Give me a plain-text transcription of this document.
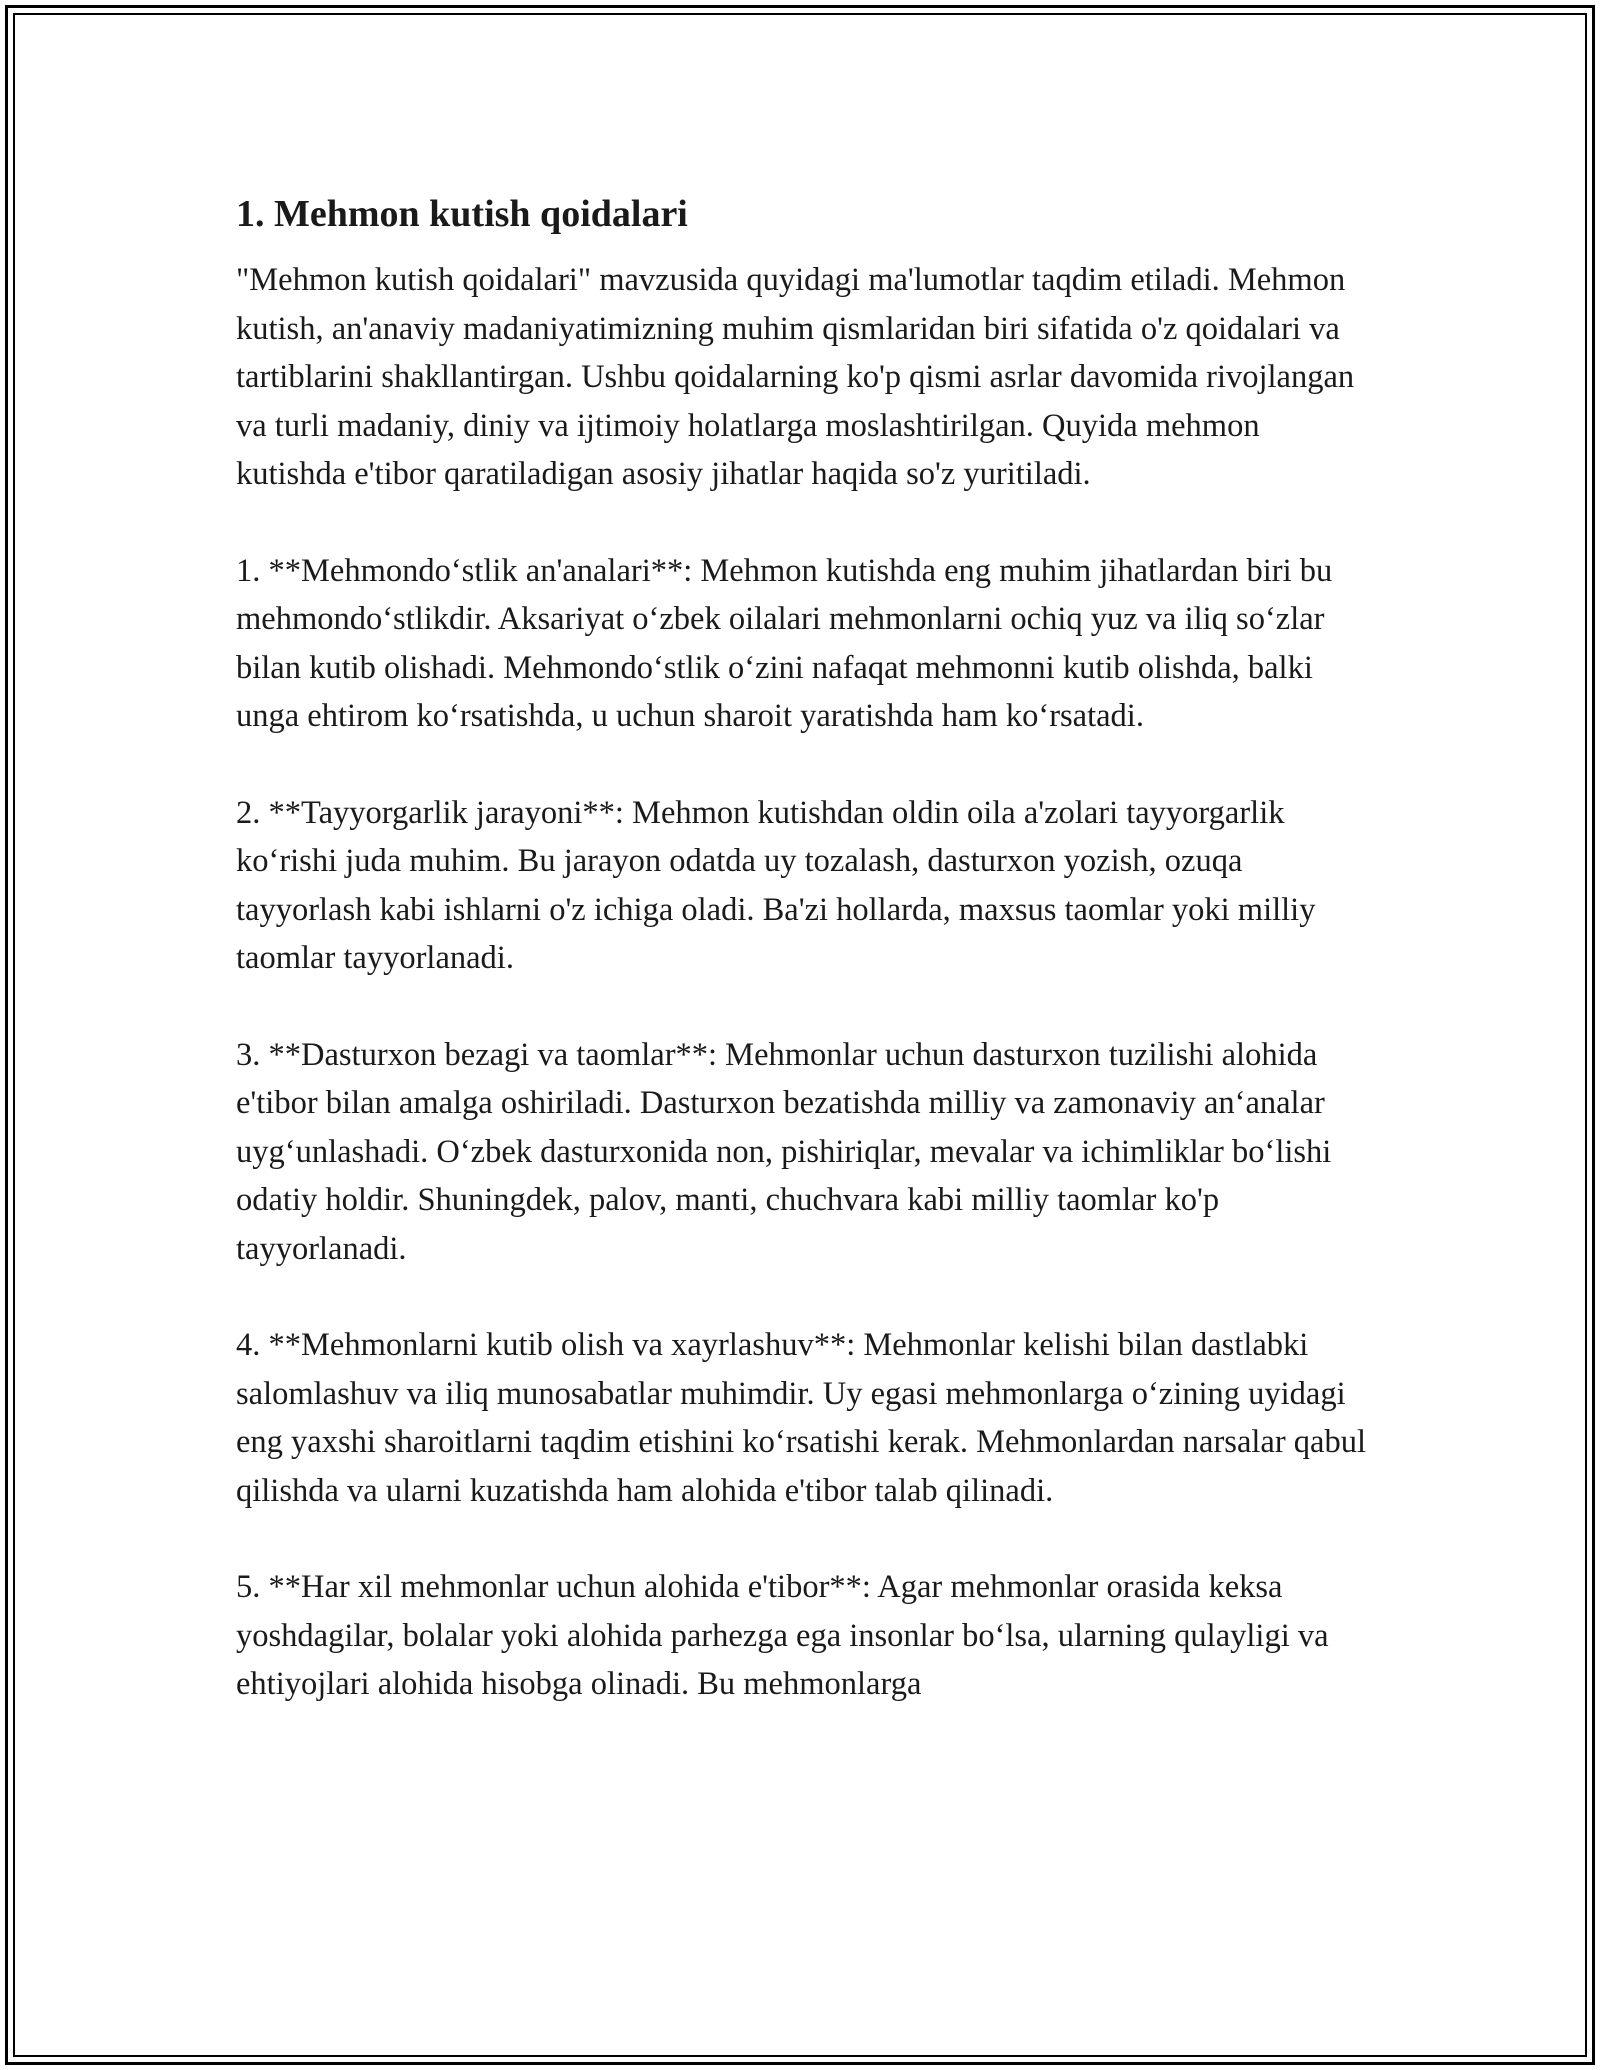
1. Mehmon kutish qoidalari

"Mehmon kutish qoidalari" mavzusida quyidagi ma'lumotlar taqdim etiladi. Mehmon kutish, an'anaviy madaniyatimizning muhim qismlaridan biri sifatida o'z qoidalari va tartiblarini shakllantirgan. Ushbu qoidalarning ko'p qismi asrlar davomida rivojlangan va turli madaniy, diniy va ijtimoiy holatlarga moslashtirilgan. Quyida mehmon kutishda e'tibor qaratiladigan asosiy jihatlar haqida so'z yuritiladi.

1. **Mehmondoʻstlik an'analari**: Mehmon kutishda eng muhim jihatlardan biri bu mehmondoʻstlikdir. Aksariyat oʻzbek oilalari mehmonlarni ochiq yuz va iliq soʻzlar bilan kutib olishadi. Mehmondoʻstlik oʻzini nafaqat mehmonni kutib olishda, balki unga ehtirom koʻrsatishda, u uchun sharoit yaratishda ham koʻrsatadi.

2. **Tayyorgarlik jarayoni**: Mehmon kutishdan oldin oila a'zolari tayyorgarlik koʻrishi juda muhim. Bu jarayon odatda uy tozalash, dasturxon yozish, ozuqa tayyorlash kabi ishlarni o'z ichiga oladi. Ba'zi hollarda, maxsus taomlar yoki milliy taomlar tayyorlanadi.

3. **Dasturxon bezagi va taomlar**: Mehmonlar uchun dasturxon tuzilishi alohida e'tibor bilan amalga oshiriladi. Dasturxon bezatishda milliy va zamonaviy anʻanalar uygʻunlashadi. Oʻzbek dasturxonida non, pishiriqlar, mevalar va ichimliklar boʻlishi odatiy holdir. Shuningdek, palov, manti, chuchvara kabi milliy taomlar ko'p tayyorlanadi.

4. **Mehmonlarni kutib olish va xayrlashuv**: Mehmonlar kelishi bilan dastlabki salomlashuv va iliq munosabatlar muhimdir. Uy egasi mehmonlarga oʻzining uyidagi eng yaxshi sharoitlarni taqdim etishini koʻrsatishi kerak. Mehmonlardan narsalar qabul qilishda va ularni kuzatishda ham alohida e'tibor talab qilinadi.

5. **Har xil mehmonlar uchun alohida e'tibor**: Agar mehmonlar orasida keksa yoshdagilar, bolalar yoki alohida parhezga ega insonlar boʻlsa, ularning qulayligi va ehtiyojlari alohida hisobga olinadi. Bu mehmonlarga
